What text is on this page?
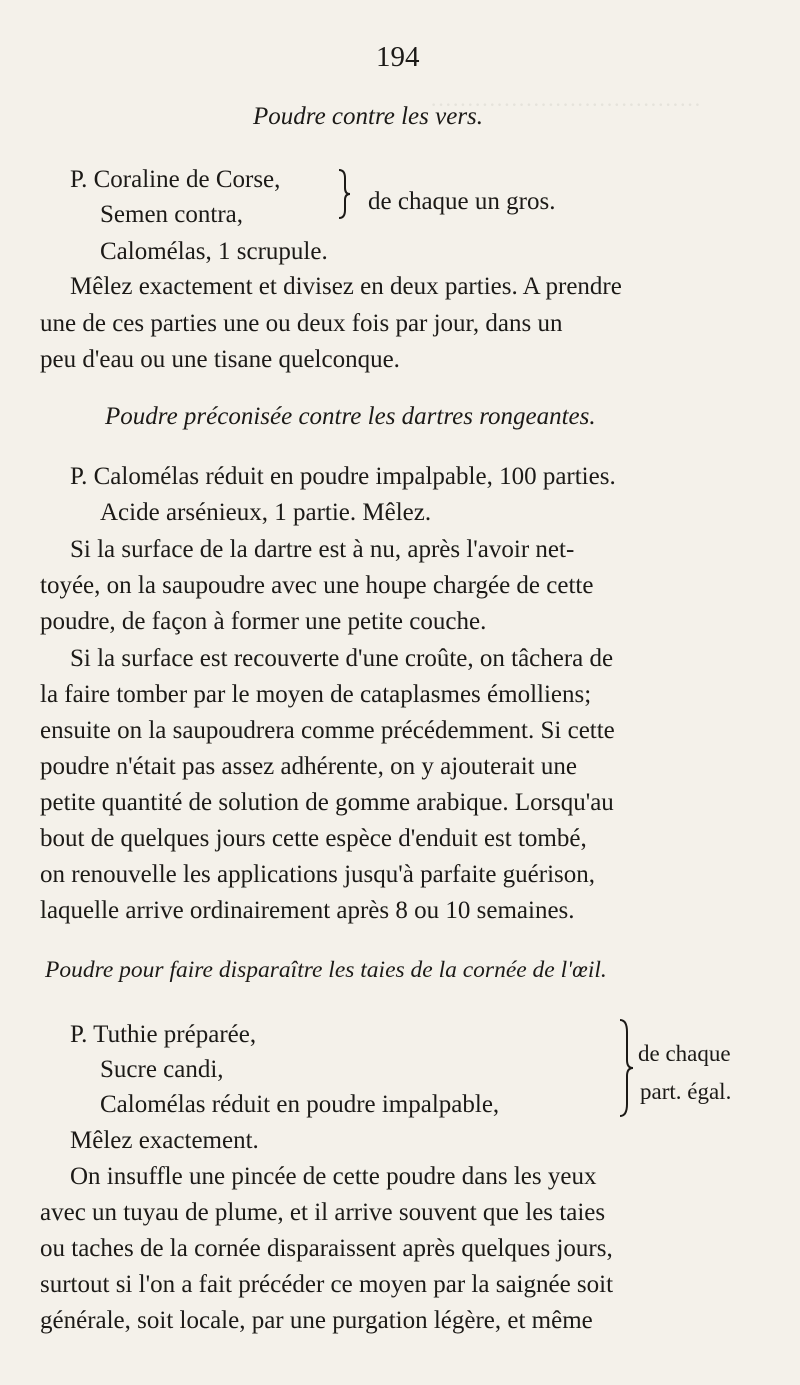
·····································
194
Poudre contre les vers.
P. Coraline de Corse,
Semen contra,
Calomélas, 1 scrupule.
de chaque un gros.
Mêlez exactement et divisez en deux parties. A prendre
une de ces parties une ou deux fois par jour, dans un
peu d'eau ou une tisane quelconque.
Poudre préconisée contre les dartres rongeantes.
P. Calomélas réduit en poudre impalpable, 100 parties.
Acide arsénieux, 1 partie. Mêlez.
Si la surface de la dartre est à nu, après l'avoir net-
toyée, on la saupoudre avec une houpe chargée de cette
poudre, de façon à former une petite couche.
Si la surface est recouverte d'une croûte, on tâchera de
la faire tomber par le moyen de cataplasmes émolliens;
ensuite on la saupoudrera comme précédemment. Si cette
poudre n'était pas assez adhérente, on y ajouterait une
petite quantité de solution de gomme arabique. Lorsqu'au
bout de quelques jours cette espèce d'enduit est tombé,
on renouvelle les applications jusqu'à parfaite guérison,
laquelle arrive ordinairement après 8 ou 10 semaines.
Poudre pour faire disparaître les taies de la cornée de l'œil.
P. Tuthie préparée,
Sucre candi,
Calomélas réduit en poudre impalpable,
de chaque
part. égal.
Mêlez exactement.
On insuffle une pincée de cette poudre dans les yeux
avec un tuyau de plume, et il arrive souvent que les taies
ou taches de la cornée disparaissent après quelques jours,
surtout si l'on a fait précéder ce moyen par la saignée soit
générale, soit locale, par une purgation légère, et même
